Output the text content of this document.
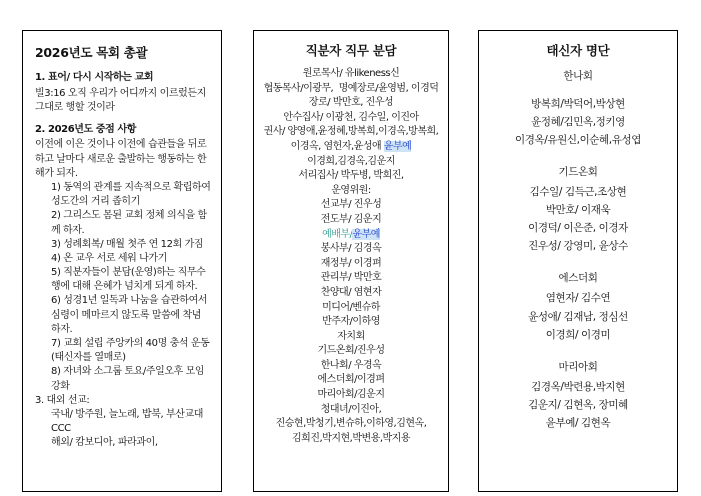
2026년도 목회 총괄
1. 표어/ 다시 시작하는 교회
빌3:16 오직 우리가 어디까지 이르렀든지 그대로 행할 것이라
2. 2026년도 중점 사항
이전에 이은 것이나 이전에 습관들을 뒤로 하고 날마다 새로운 출발하는 행동하는 한 해가 되자.
1) 동역의 관계를 지속적으로 확립하여 성도간의 거리 좁히기
2) 그리스도 몸된 교회 정체 의식을 함께 하자.
3) 성례회복/ 매월 첫주 연 12회 가짐
4) 온 교우 서로 세워 나가기
5) 직분자들이 분담(운영)하는 직무수행에 대해 은혜가 넘치게 되게 하자.
6) 성경1년 일독과 나눔을 습관하여서 심령이 메마르지 않도록 말씀에 착념 하자.
7) 교회 설립 주앙카의 40명 충석 운동(태신자를 열매로)
8) 자녀와 소그룹 토요/주일오후 모임 강화
3. 대외 선교:
국내/ 방주원, 늘노래, 밥북, 부산교대CCC
해외/ 캄보디아, 파라과이,
직분자 직무 분담
원로목사/ 유likeness신
협동목사/이광무,  명예장로/윤영범, 이경덕
장로/ 박만호, 진우성
안수집사/ 이광천, 김수일, 이진아
권사/ 양영애,윤정혜,방복희,이경옥,방복희,
이경옥, 염헌자,윤성애 윤부예
이경희,김경옥,김운지
서리집사/ 박두병, 박희진,
운영위원:
선교부/ 진우성
전도부/ 김운지
예배부/윤부예
봉사부/ 김경옥
재정부/ 이경펴
관리부/ 박만호
찬양대/ 염현자
미디어/벤슈하
반주자/이하영
자치회
기드온회/진우성
한나회/ 우경옥
에스더회/이경펴
마리아회/김운지
청대녀/이진아,
진승현,박청기,변슈하,이하영,김현옥,
김희진,박지현,박변용,박지용
태신자 명단
한나회
방복희/박덕어,박상현
윤정혜/김민옥,정키영
이경옥/유원신,이순혜,유성엽
기드온회
김수일/ 김득근,조상현
박만호/ 이재욱
이경덕/ 이은준, 이경자
진우성/ 강영미, 윤상수
에스더회
염현자/ 김수연
윤성애/ 김재남, 정심선
이경희/ 이경미
마리아회
김경옥/박련용,박지현
김운지/ 김현옥, 장미혜
윤부예/ 김현옥
